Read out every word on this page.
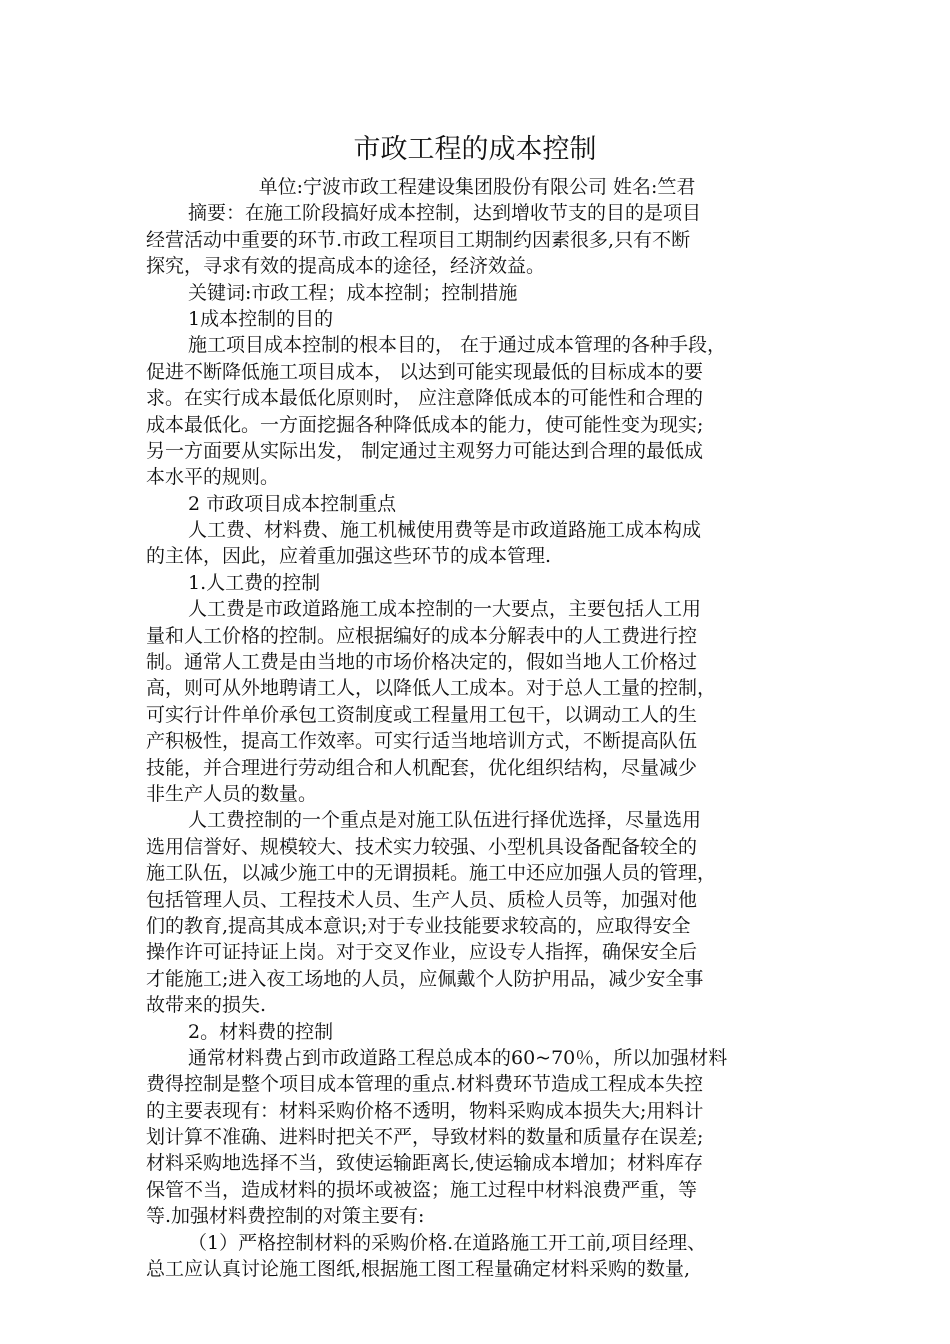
市政工程的成本控制
单位:宁波市政工程建设集团股份有限公司 姓名:竺君
摘要：在施工阶段搞好成本控制，达到增收节支的目的是项目
经营活动中重要的环节.市政工程项目工期制约因素很多,只有不断
探究，寻求有效的提高成本的途径，经济效益。
关键词:市政工程；成本控制；控制措施
1成本控制的目的
施工项目成本控制的根本目的， 在于通过成本管理的各种手段，
促进不断降低施工项目成本， 以达到可能实现最低的目标成本的要
求。在实行成本最低化原则时， 应注意降低成本的可能性和合理的
成本最低化。一方面挖掘各种降低成本的能力，使可能性变为现实;
另一方面要从实际出发， 制定通过主观努力可能达到合理的最低成
本水平的规则。
2 市政项目成本控制重点
人工费、材料费、施工机械使用费等是市政道路施工成本构成
的主体，因此，应着重加强这些环节的成本管理.
1.人工费的控制
人工费是市政道路施工成本控制的一大要点，主要包括人工用
量和人工价格的控制。应根据编好的成本分解表中的人工费进行控
制。通常人工费是由当地的市场价格决定的，假如当地人工价格过
高，则可从外地聘请工人，以降低人工成本。对于总人工量的控制，
可实行计件单价承包工资制度或工程量用工包干，以调动工人的生
产积极性，提高工作效率。可实行适当地培训方式，不断提高队伍
技能，并合理进行劳动组合和人机配套，优化组织结构，尽量减少
非生产人员的数量。
人工费控制的一个重点是对施工队伍进行择优选择，尽量选用
选用信誉好、规模较大、技术实力较强、小型机具设备配备较全的
施工队伍，以减少施工中的无谓损耗。施工中还应加强人员的管理，
包括管理人员、工程技术人员、生产人员、质检人员等，加强对他
们的教育,提高其成本意识;对于专业技能要求较高的，应取得安全
操作许可证持证上岗。对于交叉作业，应设专人指挥，确保安全后
才能施工;进入夜工场地的人员，应佩戴个人防护用品，减少安全事
故带来的损失.
2。材料费的控制
通常材料费占到市政道路工程总成本的60~70％，所以加强材料
费得控制是整个项目成本管理的重点.材料费环节造成工程成本失控
的主要表现有：材料采购价格不透明，物料采购成本损失大;用料计
划计算不准确、进料时把关不严，导致材料的数量和质量存在误差;
材料采购地选择不当，致使运输距离长,使运输成本增加；材料库存
保管不当，造成材料的损坏或被盗；施工过程中材料浪费严重，等
等.加强材料费控制的对策主要有:
（1）严格控制材料的采购价格.在道路施工开工前,项目经理、
总工应认真讨论施工图纸,根据施工图工程量确定材料采购的数量,
